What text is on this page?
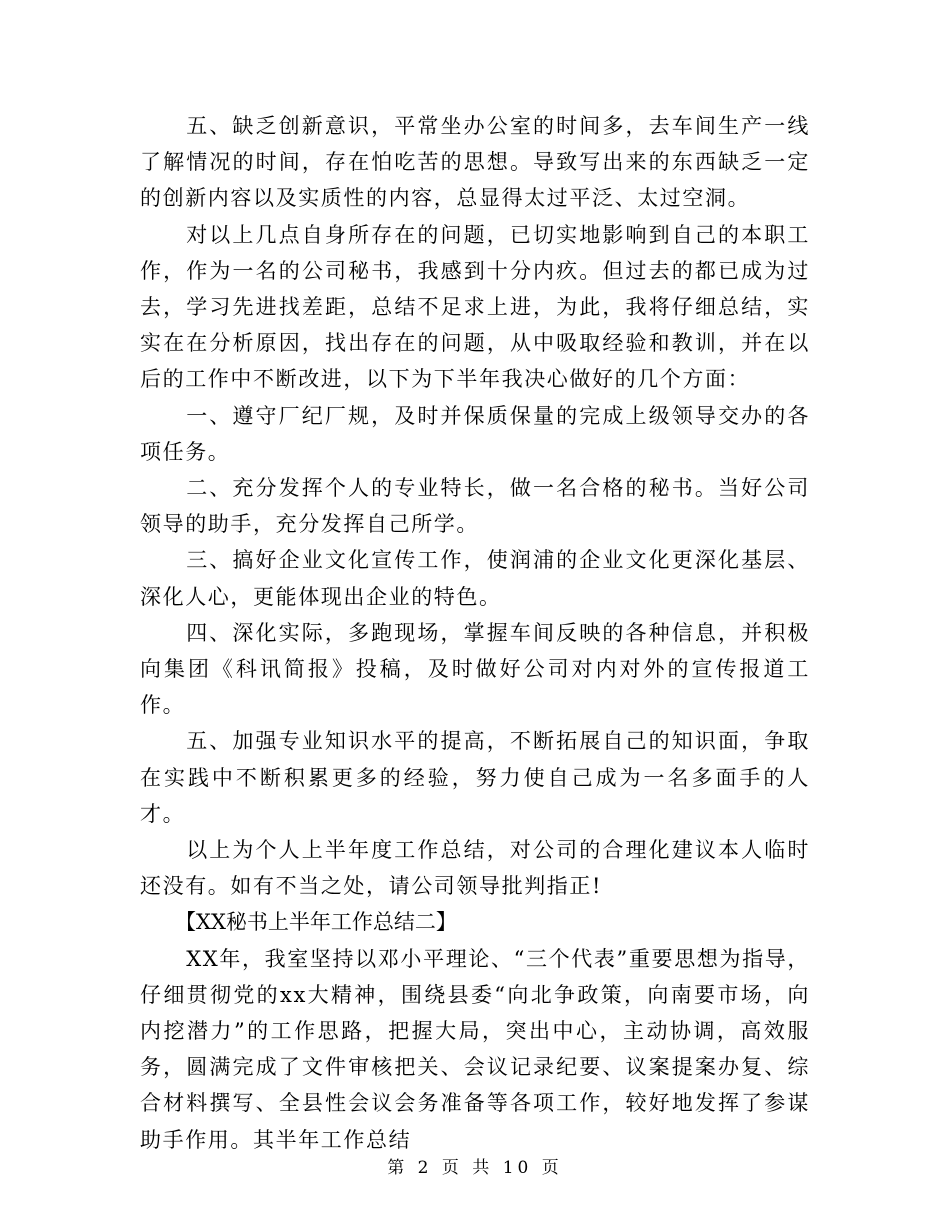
五、缺乏创新意识，平常坐办公室的时间多，去车间生产一线了解情况的时间，存在怕吃苦的思想。导致写出来的东西缺乏一定的创新内容以及实质性的内容，总显得太过平泛、太过空洞。

对以上几点自身所存在的问题，已切实地影响到自己的本职工作，作为一名的公司秘书，我感到十分内疚。但过去的都已成为过去，学习先进找差距，总结不足求上进，为此，我将仔细总结，实实在在分析原因，找出存在的问题，从中吸取经验和教训，并在以后的工作中不断改进，以下为下半年我决心做好的几个方面：

一、遵守厂纪厂规，及时并保质保量的完成上级领导交办的各项任务。

二、充分发挥个人的专业特长，做一名合格的秘书。当好公司领导的助手，充分发挥自己所学。

三、搞好企业文化宣传工作，使润浦的企业文化更深化基层、深化人心，更能体现出企业的特色。

四、深化实际，多跑现场，掌握车间反映的各种信息，并积极向集团《科讯简报》投稿，及时做好公司对内对外的宣传报道工作。

五、加强专业知识水平的提高，不断拓展自己的知识面，争取在实践中不断积累更多的经验，努力使自己成为一名多面手的人才。

以上为个人上半年度工作总结，对公司的合理化建议本人临时还没有。如有不当之处，请公司领导批判指正!

【XX秘书上半年工作总结二】

XX年，我室坚持以邓小平理论、“三个代表”重要思想为指导，仔细贯彻党的xx大精神，围绕县委“向北争政策，向南要市场，向内挖潜力”的工作思路，把握大局，突出中心，主动协调，高效服务，圆满完成了文件审核把关、会议记录纪要、议案提案办复、综合材料撰写、全县性会议会务准备等各项工作，较好地发挥了参谋助手作用。其半年工作总结

第 2 页 共 10 页
